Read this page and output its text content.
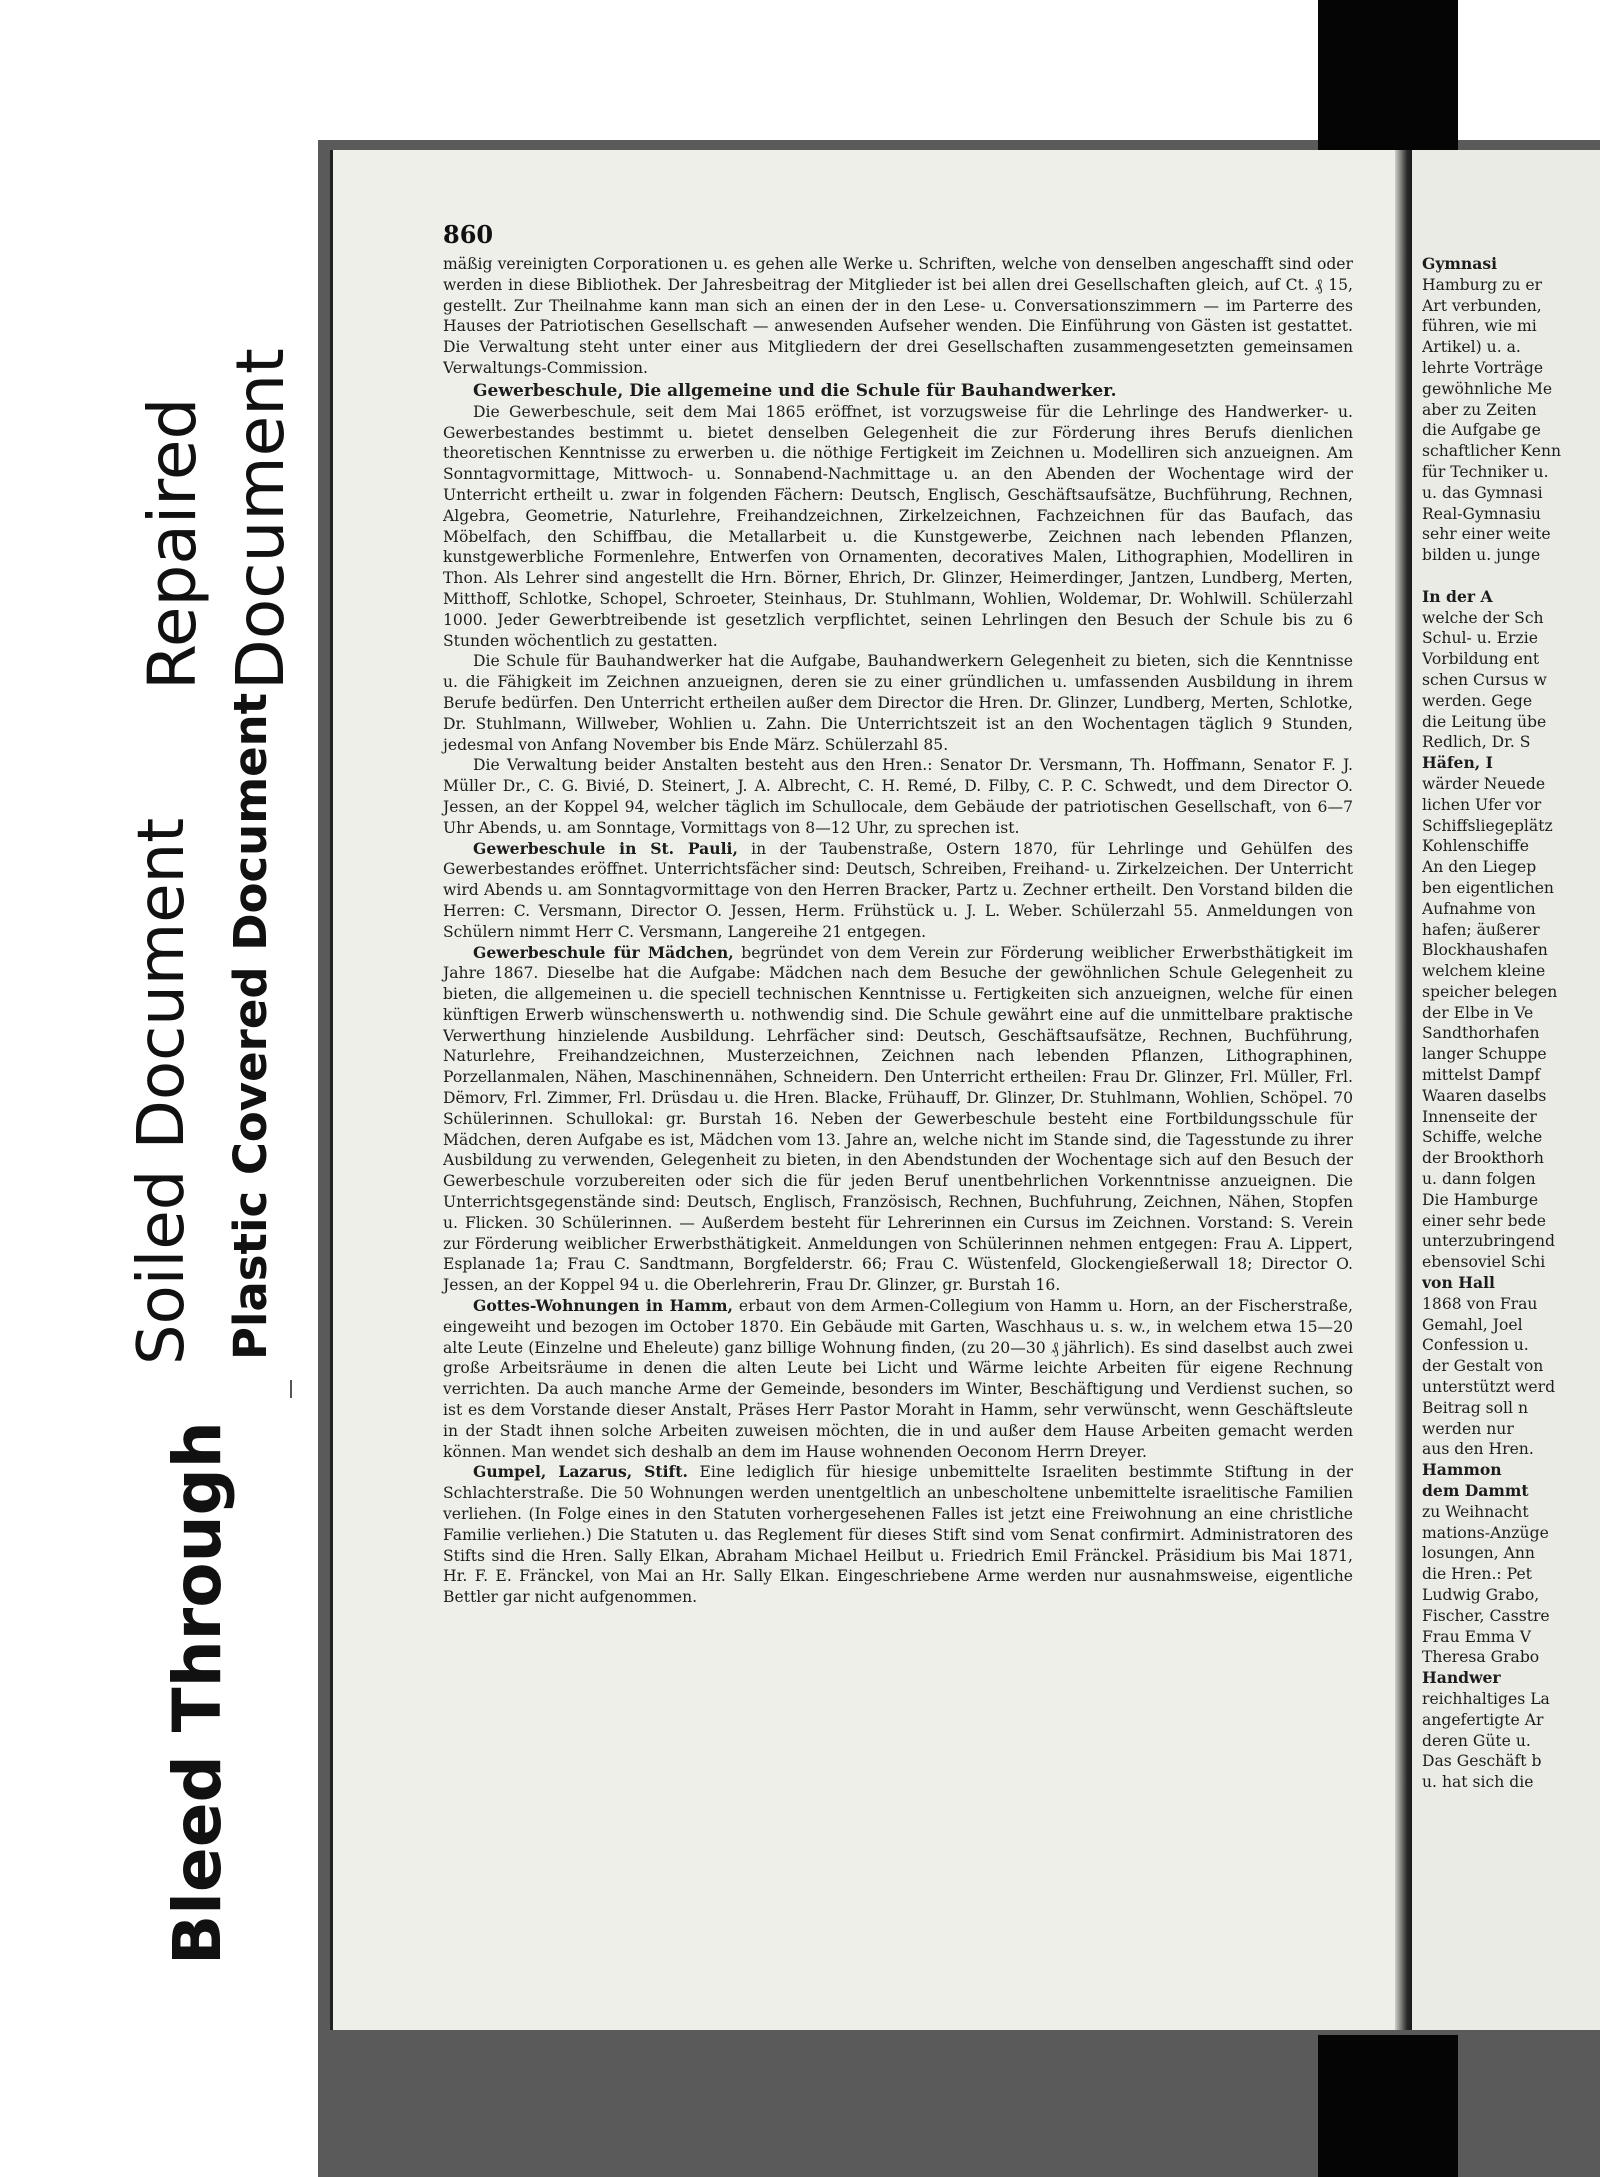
Bleed Through
Soiled Document Plastic Covered Document
Repaired Document
860

mäßig vereinigten Corporationen u. es gehen alle Werke u. Schriften, welche von denselben angeschafft sind oder werden in diese Bibliothek. Der Jahresbeitrag der Mitglieder ist bei allen drei Gesellschaften gleich, auf Ct. ₰ 15, gestellt. Zur Theilnahme kann man sich an einen der in den Lese- u. Conversationszimmern — im Parterre des Hauses der Patriotischen Gesellschaft — anwesenden Aufseher wenden. Die Einführung von Gästen ist gestattet. Die Verwaltung steht unter einer aus Mitgliedern der drei Gesellschaften zusammengesetzten gemeinsamen Verwaltungs-Commission.

Gewerbeschule, Die allgemeine und die Schule für Bauhandwerker.

Die Gewerbeschule, seit dem Mai 1865 eröffnet, ist vorzugsweise für die Lehrlinge des Handwerker- u. Gewerbestandes bestimmt u. bietet denselben Gelegenheit die zur Förderung ihres Berufs dienlichen theoretischen Kenntnisse zu erwerben u. die nöthige Fertigkeit im Zeichnen u. Modelliren sich anzueignen. Am Sonntagvormittage, Mittwoch- u. Sonnabend-Nachmittage u. an den Abenden der Wochentage wird der Unterricht ertheilt u. zwar in folgenden Fächern: Deutsch, Englisch, Geschäftsaufsätze, Buchführung, Rechnen, Algebra, Geometrie, Naturlehre, Freihandzeichnen, Zirkelzeichnen, Fachzeichnen für das Baufach, das Möbelfach, den Schiffbau, die Metallarbeit u. die Kunstgewerbe, Zeichnen nach lebenden Pflanzen, kunstgewerbliche Formenlehre, Entwerfen von Ornamenten, decoratives Malen, Lithographien, Modelliren in Thon. Als Lehrer sind angestellt die Hrn. Börner, Ehrich, Dr. Glinzer, Heimerdinger, Jantzen, Lundberg, Merten, Mitthoff, Schlotke, Schopel, Schroeter, Steinhaus, Dr. Stuhlmann, Wohlien, Woldemar, Dr. Wohlwill. Schülerzahl 1000. Jeder Gewerbtreibende ist gesetzlich verpflichtet, seinen Lehrlingen den Besuch der Schule bis zu 6 Stunden wöchentlich zu gestatten.

Die Schule für Bauhandwerker hat die Aufgabe, Bauhandwerkern Gelegenheit zu bieten, sich die Kenntnisse u. die Fähigkeit im Zeichnen anzueignen, deren sie zu einer gründlichen u. umfassenden Ausbildung in ihrem Berufe bedürfen. Den Unterricht ertheilen außer dem Director die Hren. Dr. Glinzer, Lundberg, Merten, Schlotke, Dr. Stuhlmann, Willweber, Wohlien u. Zahn. Die Unterrichtszeit ist an den Wochentagen täglich 9 Stunden, jedesmal von Anfang November bis Ende März. Schülerzahl 85.

Die Verwaltung beider Anstalten besteht aus den Hren.: Senator Dr. Versmann, Th. Hoffmann, Senator F. J. Müller Dr., C. G. Bivié, D. Steinert, J. A. Albrecht, C. H. Remé, D. Filby, C. P. C. Schwedt, und dem Director O. Jessen, an der Koppel 94, welcher täglich im Schullocale, dem Gebäude der patriotischen Gesellschaft, von 6—7 Uhr Abends, u. am Sonntage, Vormittags von 8—12 Uhr, zu sprechen ist.

Gewerbeschule in St. Pauli, in der Taubenstraße, Ostern 1870, für Lehrlinge und Gehülfen des Gewerbestandes eröffnet. Unterrichtsfächer sind: Deutsch, Schreiben, Freihand- u. Zirkelzeichen. Der Unterricht wird Abends u. am Sonntagvormittage von den Herren Bracker, Partz u. Zechner ertheilt. Den Vorstand bilden die Herren: C. Versmann, Director O. Jessen, Herm. Frühstück u. J. L. Weber. Schülerzahl 55. Anmeldungen von Schülern nimmt Herr C. Versmann, Langereihe 21 entgegen.

Gewerbeschule für Mädchen, begründet von dem Verein zur Förderung weiblicher Erwerbsthätigkeit im Jahre 1867. Dieselbe hat die Aufgabe: Mädchen nach dem Besuche der gewöhnlichen Schule Gelegenheit zu bieten, die allgemeinen u. die speciell technischen Kenntnisse u. Fertigkeiten sich anzueignen, welche für einen künftigen Erwerb wünschenswerth u. nothwendig sind. Die Schule gewährt eine auf die unmittelbare praktische Verwerthung hinzielende Ausbildung. Lehrfächer sind: Deutsch, Geschäftsaufsätze, Rechnen, Buchführung, Naturlehre, Freihandzeichnen, Musterzeichnen, Zeichnen nach lebenden Pflanzen, Lithographinen, Porzellanmalen, Nähen, Maschinennähen, Schneidern. Den Unterricht ertheilen: Frau Dr. Glinzer, Frl. Müller, Frl. Dëmorv, Frl. Zimmer, Frl. Drüsdau u. die Hren. Blacke, Frühauff, Dr. Glinzer, Dr. Stuhlmann, Wohlien, Schöpel. 70 Schülerinnen. Schullokal: gr. Burstah 16. Neben der Gewerbeschule besteht eine Fortbildungsschule für Mädchen, deren Aufgabe es ist, Mädchen vom 13. Jahre an, welche nicht im Stande sind, die Tagesstunde zu ihrer Ausbildung zu verwenden, Gelegenheit zu bieten, in den Abendstunden der Wochentage sich auf den Besuch der Gewerbeschule vorzubereiten oder sich die für jeden Beruf unentbehrlichen Vorkenntnisse anzueignen. Die Unterrichtsgegenstände sind: Deutsch, Englisch, Französisch, Rechnen, Buchfuhrung, Zeichnen, Nähen, Stopfen u. Flicken. 30 Schülerinnen. — Außerdem besteht für Lehrerinnen ein Cursus im Zeichnen. Vorstand: S. Verein zur Förderung weiblicher Erwerbsthätigkeit. Anmeldungen von Schülerinnen nehmen entgegen: Frau A. Lippert, Esplanade 1a; Frau C. Sandtmann, Borgfelderstr. 66; Frau C. Wüstenfeld, Glockengießerwall 18; Director O. Jessen, an der Koppel 94 u. die Oberlehrerin, Frau Dr. Glinzer, gr. Burstah 16.

Gottes-Wohnungen in Hamm, erbaut von dem Armen-Collegium von Hamm u. Horn, an der Fischerstraße, eingeweiht und bezogen im October 1870. Ein Gebäude mit Garten, Waschhaus u. s. w., in welchem etwa 15—20 alte Leute (Einzelne und Eheleute) ganz billige Wohnung finden, (zu 20—30 ₰ jährlich). Es sind daselbst auch zwei große Arbeitsräume in denen die alten Leute bei Licht und Wärme leichte Arbeiten für eigene Rechnung verrichten. Da auch manche Arme der Gemeinde, besonders im Winter, Beschäftigung und Verdienst suchen, so ist es dem Vorstande dieser Anstalt, Präses Herr Pastor Moraht in Hamm, sehr verwünscht, wenn Geschäftsleute in der Stadt ihnen solche Arbeiten zuweisen möchten, die in und außer dem Hause Arbeiten gemacht werden können. Man wendet sich deshalb an dem im Hause wohnenden Oeconom Herrn Dreyer.

Gumpel, Lazarus, Stift. Eine lediglich für hiesige unbemittelte Israeliten bestimmte Stiftung in der Schlachterstraße. Die 50 Wohnungen werden unentgeltlich an unbescholtene unbemittelte israelitische Familien verliehen. (In Folge eines in den Statuten vorhergesehenen Falles ist jetzt eine Freiwohnung an eine christliche Familie verliehen.) Die Statuten u. das Reglement für dieses Stift sind vom Senat confirmirt. Administratoren des Stifts sind die Hren. Sally Elkan, Abraham Michael Heilbut u. Friedrich Emil Fränckel. Präsidium bis Mai 1871, Hr. F. E. Fränckel, von Mai an Hr. Sally Elkan. Eingeschriebene Arme werden nur ausnahmsweise, eigentliche Bettler gar nicht aufgenommen.

Gymnasi
Hamburg zu er
Art verbunden,
führen, wie mi
Artikel) u. a.
lehrte Vorträge
gewöhnliche Me
aber zu Zeiten
die Aufgabe ge
schaftlicher Kenn
für Techniker u.
u. das Gymnasi
Real-Gymnasiu
sehr einer weite
bilden u. junge

In der A
welche der Sch
Schul- u. Erzie
Vorbildung ent
schen Cursus w
werden. Gege
die Leitung übe
Redlich, Dr. S
Häfen, I
wärder Neuede
lichen Ufer vor
Schiffsliegeplätz
Kohlenschiffe
An den Liegep
ben eigentlichen
Aufnahme von
hafen; äußerer
Blockhaushafen
welchem kleine
speicher belegen
der Elbe in Ve
Sandthorhafen
langer Schuppe
mittelst Dampf
Waaren daselbs
Innenseite der
Schiffe, welche
der Brookthorh
u. dann folgen
Die Hamburge
einer sehr bede
unterzubringend
ebensoviel Schi
von Hall
1868 von Frau
Gemahl, Joel
Confession u.
der Gestalt von
unterstützt werd
Beitrag soll n
werden nur
aus den Hren.
Hammon
dem Dammt
zu Weihnacht
mations-Anzüge
losungen, Ann
die Hren.: Pet
Ludwig Grabo,
Fischer, Casstre
Frau Emma V
Theresa Grabo
Handwer
reichhaltiges La
angefertigte Ar
deren Güte u.
Das Geschäft b
u. hat sich die
